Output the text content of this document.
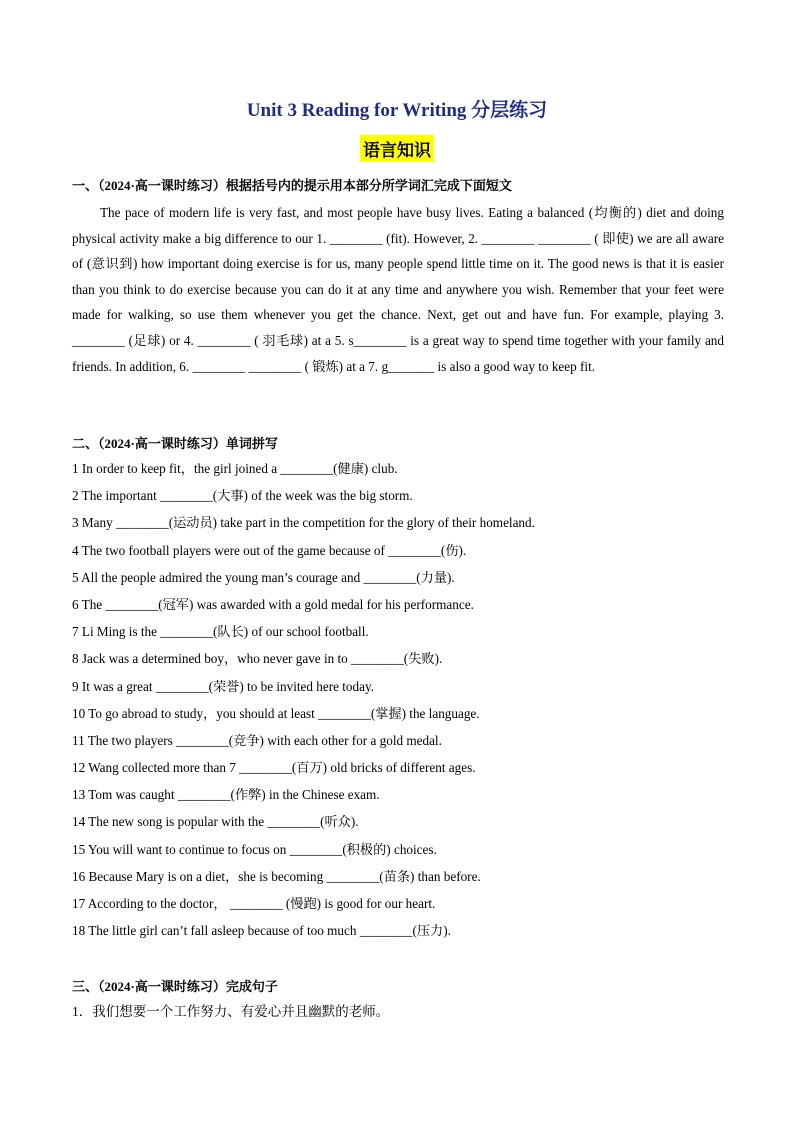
Unit 3 Reading for Writing 分层练习
语言知识
一、（2024·高一课时练习）根据括号内的提示用本部分所学词汇完成下面短文
The pace of modern life is very fast, and most people have busy lives. Eating a balanced (均衡的) diet and doing physical activity make a big difference to our 1. ________ (fit). However, 2. ________ ________ ( 即使) we are all aware of (意识到) how important doing exercise is for us, many people spend little time on it. The good news is that it is easier than you think to do exercise because you can do it at any time and anywhere you wish. Remember that your feet were made for walking, so use them whenever you get the chance. Next, get out and have fun. For example, playing 3. ________ (足球) or 4. ________ ( 羽毛球) at a 5. s________ is a great way to spend time together with your family and friends. In addition, 6. ________ ________ ( 锻炼) at a 7. g_______ is also a good way to keep fit.
二、（2024·高一课时练习）单词拼写
1 In order to keep fit，the girl joined a ________(健康) club.
2 The important ________(大事) of the week was the big storm.
3 Many ________(运动员) take part in the competition for the glory of their homeland.
4 The two football players were out of the game because of ________(伤).
5 All the people admired the young man’s courage and ________(力量).
6 The ________(冠军) was awarded with a gold medal for his performance.
7 Li Ming is the ________(队长) of our school football.
8 Jack was a determined boy，who never gave in to ________(失败).
9 It was a great ________(荣誉) to be invited here today.
10 To go abroad to study，you should at least ________(掌握) the language.
11 The two players ________(竞争) with each other for a gold medal.
12 Wang collected more than 7 ________(百万) old bricks of different ages.
13 Tom was caught ________(作弊) in the Chinese exam.
14 The new song is popular with the ________(听众).
15 You will want to continue to focus on ________(积极的) choices.
16 Because Mary is on a diet，she is becoming ________(苗条) than before.
17 According to the doctor， ________ (慢跑) is good for our heart.
18 The little girl can’t fall asleep because of too much ________(压力).
三、（2024·高一课时练习）完成句子
1．我们想要一个工作努力、有爱心并且幽默的老师。
